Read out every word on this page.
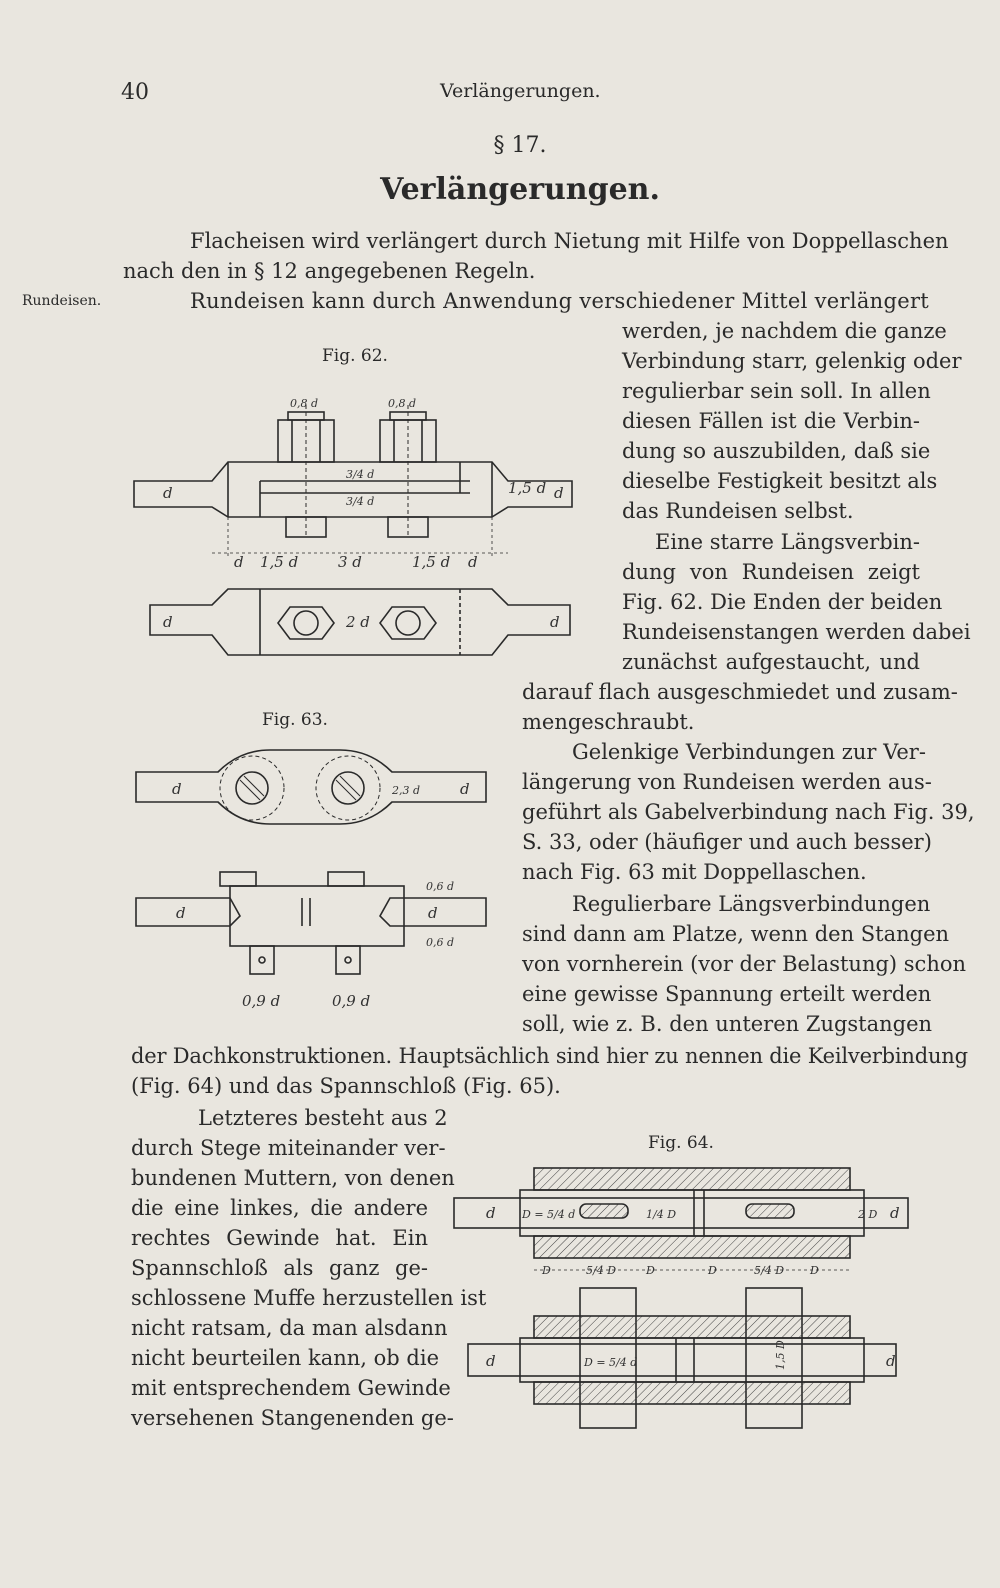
40	Verlängerungen.
§ 17.
Verlängerungen.
Flacheisen wird verlängert durch Nietung mit Hilfe von Doppellaschen
nach den in § 12 angegebenen Regeln.
Rundeisen.	Rundeisen kann durch Anwendung verschiedener Mittel verlängert
werden, je nachdem die ganze
Verbindung starr, gelenkig oder
regulierbar sein soll. In allen
diesen Fällen ist die Verbin-
dung so auszubilden, daß sie
dieselbe Festigkeit besitzt als
das Rundeisen selbst.
Eine starre Längsverbin-
dung von Rundeisen zeigt
Fig. 62. Die Enden der beiden
Rundeisenstangen werden dabei
zunächst aufgestaucht, und
darauf flach ausgeschmiedet und zusam-
mengeschraubt.
Gelenkige Verbindungen zur Ver-
längerung von Rundeisen werden aus-
geführt als Gabelverbindung nach Fig. 39,
S. 33, oder (häufiger und auch besser)
nach Fig. 63 mit Doppellaschen.
Regulierbare Längsverbindungen
sind dann am Platze, wenn den Stangen
von vornherein (vor der Belastung) schon
eine gewisse Spannung erteilt werden
soll, wie z. B. den unteren Zugstangen
der Dachkonstruktionen. Hauptsächlich sind hier zu nennen die Keilverbindung
(Fig. 64) und das Spannschloß (Fig. 65).
Letzteres besteht aus 2
durch Stege miteinander ver-
bundenen Muttern, von denen
die eine linkes, die andere
rechtes Gewinde hat. Ein
Spannschloß als ganz ge-
schlossene Muffe herzustellen ist
nicht ratsam, da man alsdann
nicht beurteilen kann, ob die
mit entsprechendem Gewinde
versehenen Stangenenden ge-
Fig. 62.
Fig. 63.
Fig. 64.
d	d
0,8 d	0,8 d
3/4 d
3/4 d
1,5 d
d 1,5 d	3 d	1,5 d d
d	2 d	d
d	2,3 d	d
d
0,6 d
d
0,6 d
0,9 d	0,9 d
d D = 5/4 d	1/4 D	2 D d
D	5/4 D	D	D	5/4 D D
d	D = 5/4 d	1,5 D	d
